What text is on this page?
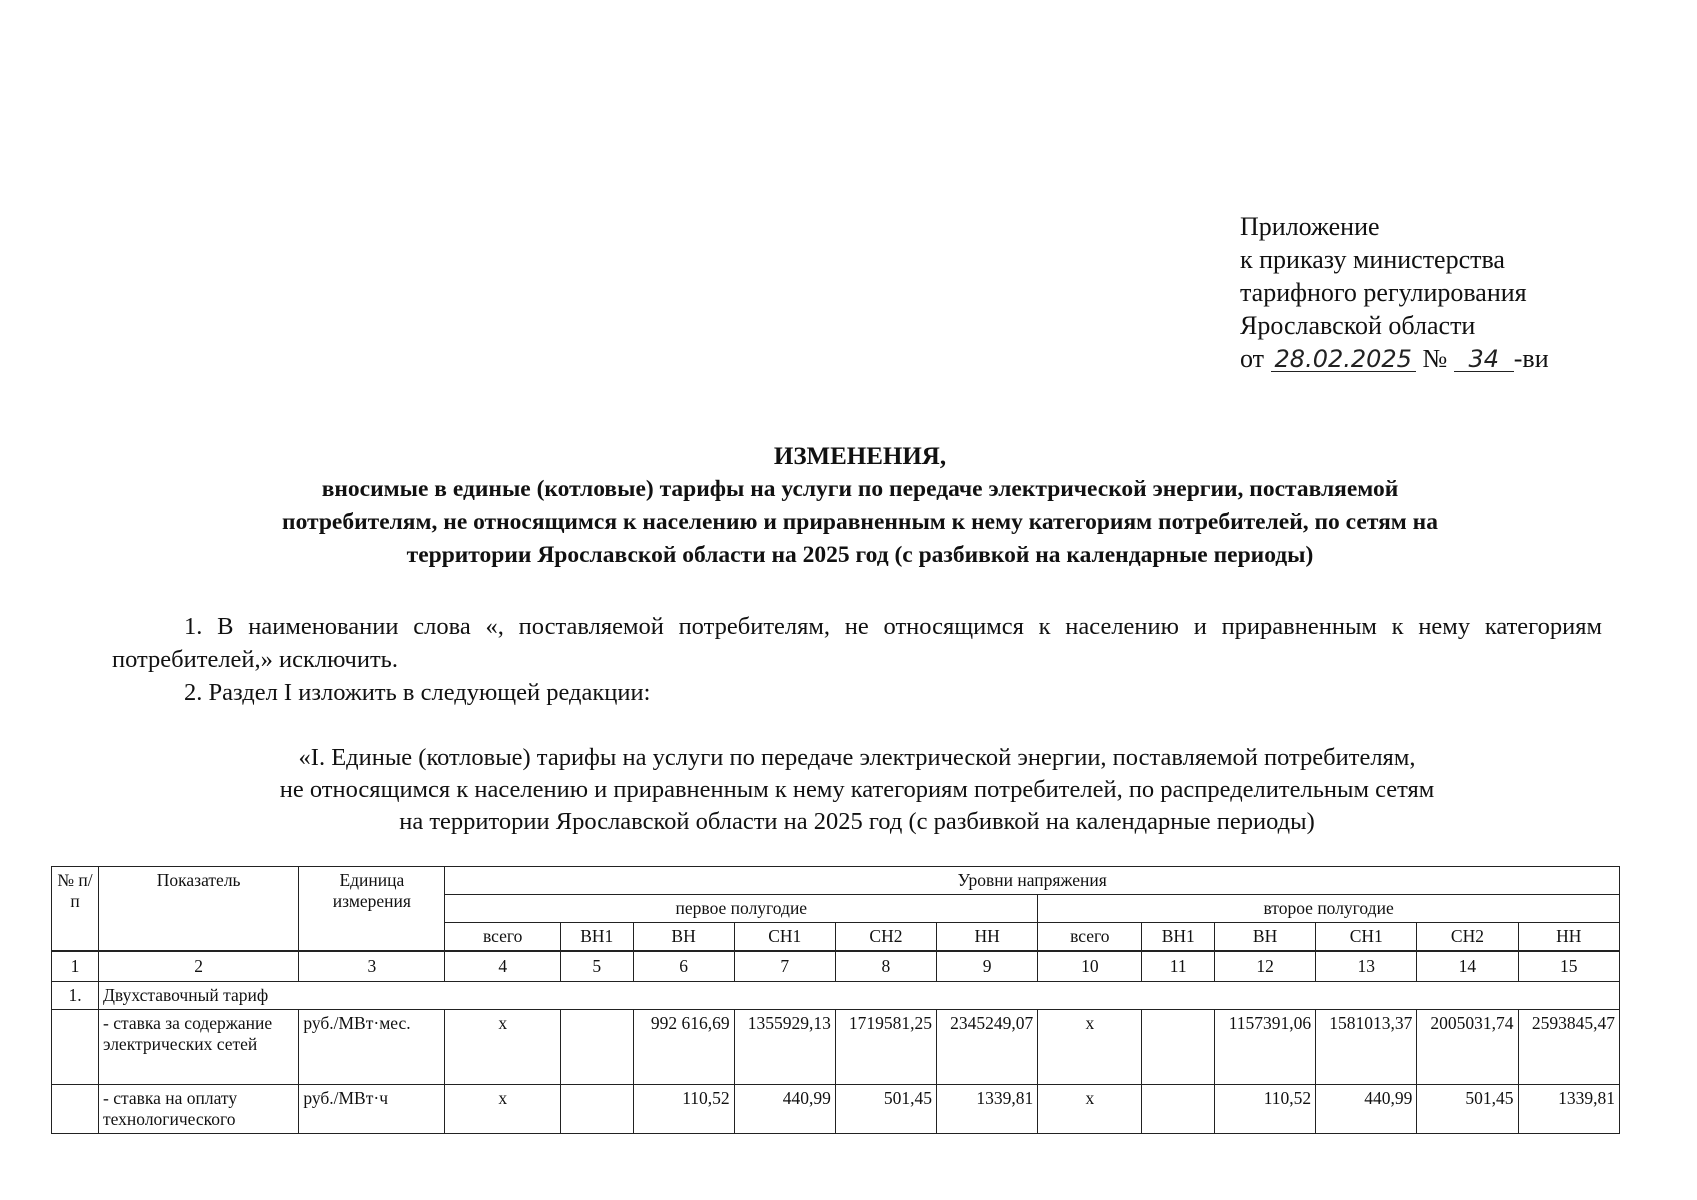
Приложение
к приказу министерства
тарифного регулирования
Ярославской области
от 28.02.2025 № 34 -ви
ИЗМЕНЕНИЯ,
вносимые в единые (котловые) тарифы на услуги по передаче электрической энергии, поставляемой
потребителям, не относящимся к населению и приравненным к нему категориям потребителей, по сетям на
территории Ярославской области на 2025 год (с разбивкой на календарные периоды)
1. В наименовании слова «, поставляемой потребителям, не относящимся к населению и приравненным к нему категориям потребителей,» исключить.
2. Раздел I изложить в следующей редакции:
«I. Единые (котловые) тарифы на услуги по передаче электрической энергии, поставляемой потребителям,
не относящимся к населению и приравненным к нему категориям потребителей, по распределительным сетям
на территории Ярославской области на 2025 год (с разбивкой на календарные периоды)
№ п/п	Показатель	Единица измерения	Уровни напряжения											
			первое полугодие						второе полугодие					
			всего	ВН1	ВН	СН1	СН2	НН	всего	ВН1	ВН	СН1	СН2	НН
1	2	3	4	5	6	7	8	9	10	11	12	13	14	15
1.	Двухставочный тариф													
	- ставка за содержание электрических сетей	руб./МВт·мес.	х		992 616,69	1355929,13	1719581,25	2345249,07	х		1157391,06	1581013,37	2005031,74	2593845,47
	- ставка на оплату технологического	руб./МВт·ч	х		110,52	440,99	501,45	1339,81	х		110,52	440,99	501,45	1339,81
